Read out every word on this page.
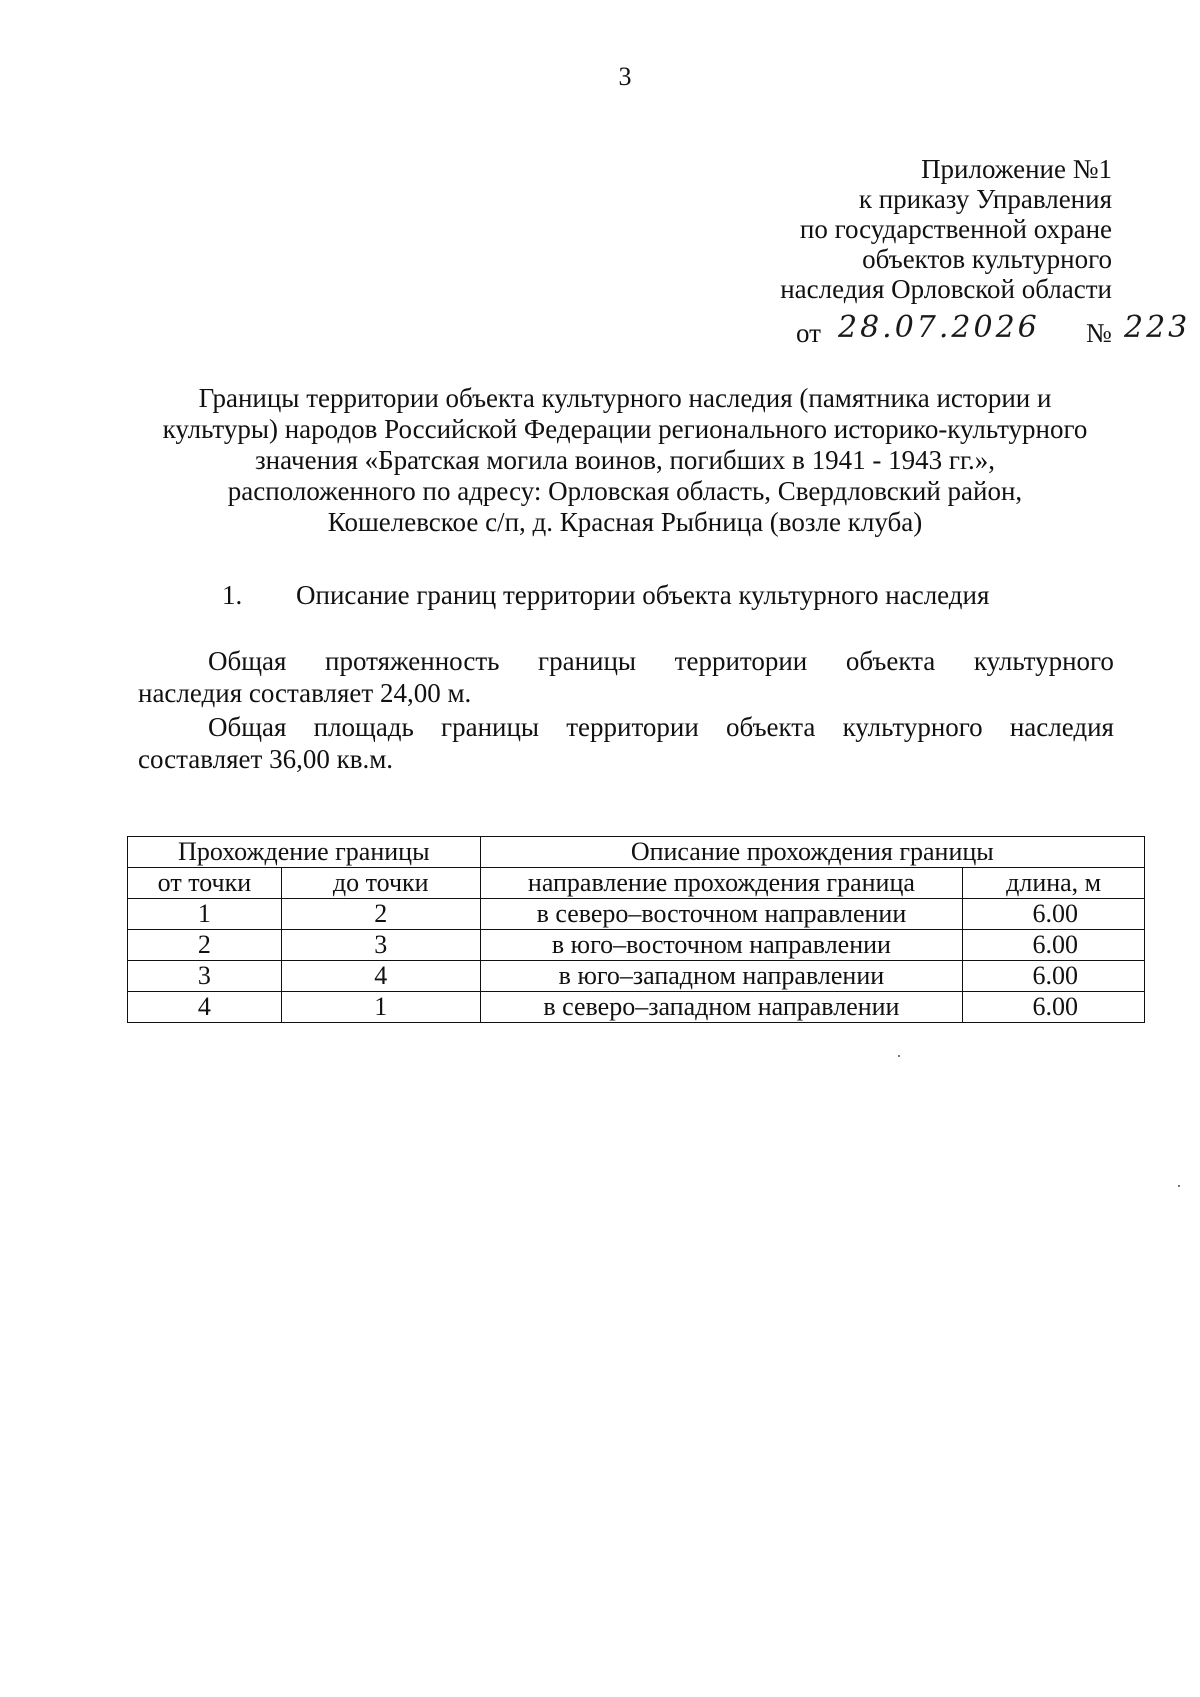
3
Приложение №1
к приказу Управления
по государственной охране
объектов культурного
наследия Орловской области
от 28.07.2026 № 223
Границы территории объекта культурного наследия (памятника истории и
культуры) народов Российской Федерации регионального историко-культурного
значения «Братская могила воинов, погибших в 1941 - 1943 гг.»,
расположенного по адресу: Орловская область, Свердловский район,
Кошелевское с/п, д. Красная Рыбница (возле клуба)
1. Описание границ территории объекта культурного наследия
Общая протяженность границы территории объекта культурного
наследия составляет 24,00 м.
Общая площадь границы территории объекта культурного наследия
составляет 36,00 кв.м.
Прохождение границы		Описание прохождения границы	
от точки	до точки	направление прохождения граница	длина, м
1	2	в северо–восточном направлении	6.00
2	3	в юго–восточном направлении	6.00
3	4	в юго–западном направлении	6.00
4	1	в северо–западном направлении	6.00
